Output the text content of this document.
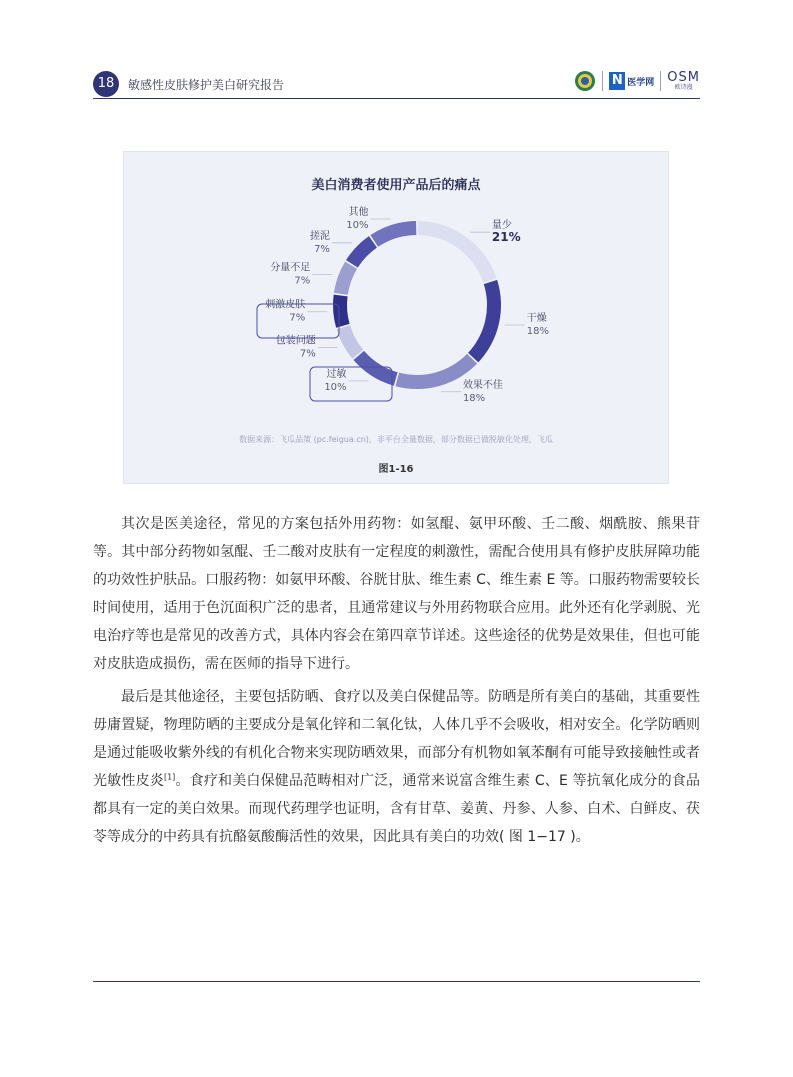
18	敏感性皮肤修护美白研究报告	N 医学网 OSM
欧诗漫
美白消费者使用产品后的痛点
量少
21%
干燥
18%
效果不佳
18%
过敏
10%
包装问题
7%
刺激皮肤
7%
分量不足
7%
搓泥
7%
其他
10%
数据来源：飞瓜品策 (pc.feigua.cn)，非平台全量数据，部分数据已做脱敏化处理，飞瓜
图1-16

其次是医美途径，常见的方案包括外用药物：如氢醌、氨甲环酸、壬二酸、烟酰胺、熊果苷等。其中部分药物如氢醌、壬二酸对皮肤有一定程度的刺激性，需配合使用具有修护皮肤屏障功能的功效性护肤品。口服药物：如氨甲环酸、谷胱甘肽、维生素 C、维生素 E 等。口服药物需要较长时间使用，适用于色沉面积广泛的患者，且通常建议与外用药物联合应用。此外还有化学剥脱、光电治疗等也是常见的改善方式，具体内容会在第四章节详述。这些途径的优势是效果佳，但也可能对皮肤造成损伤，需在医师的指导下进行。

最后是其他途径，主要包括防晒、食疗以及美白保健品等。防晒是所有美白的基础，其重要性毋庸置疑，物理防晒的主要成分是氧化锌和二氧化钛，人体几乎不会吸收，相对安全。化学防晒则是通过能吸收紫外线的有机化合物来实现防晒效果，而部分有机物如氧苯酮有可能导致接触性或者光敏性皮炎[1]。食疗和美白保健品范畴相对广泛，通常来说富含维生素 C、E 等抗氧化成分的食品都具有一定的美白效果。而现代药理学也证明，含有甘草、姜黄、丹参、人参、白术、白鲜皮、茯苓等成分的中药具有抗酪氨酸酶活性的效果，因此具有美白的功效( 图 1−17 )。
